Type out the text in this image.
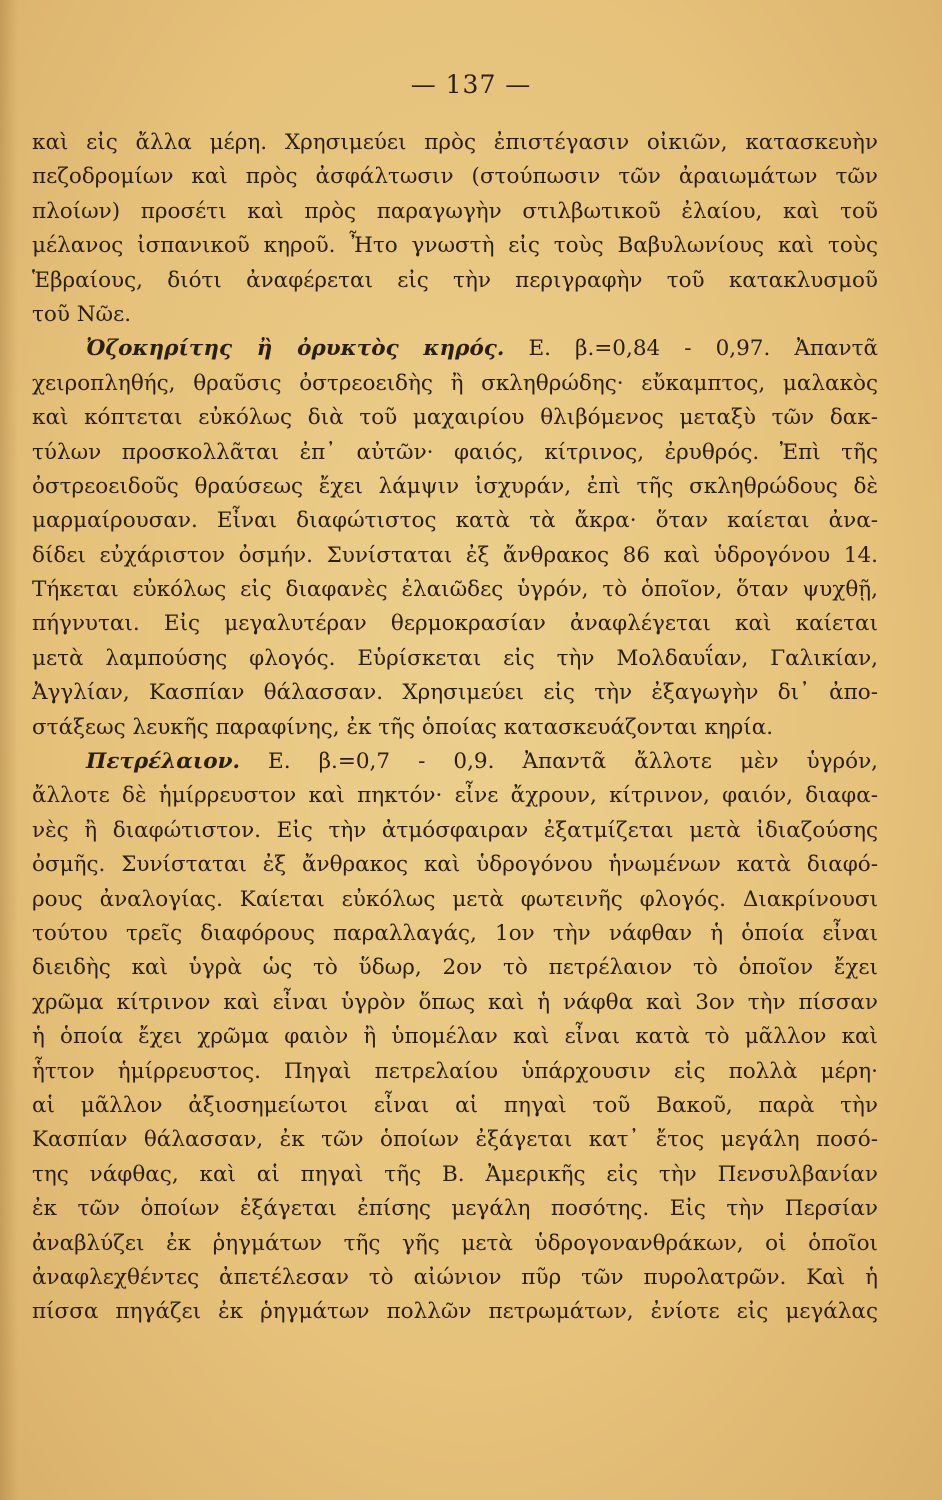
— 137 —
καὶ εἰς ἄλλα μέρη. Χρησιμεύει πρὸς ἐπιστέγασιν οἰκιῶν, κατασκευὴν
πεζοδρομίων καὶ πρὸς ἀσφάλτωσιν (στούπωσιν τῶν ἀραιωμάτων τῶν
πλοίων) προσέτι καὶ πρὸς παραγωγὴν στιλβωτικοῦ ἐλαίου, καὶ τοῦ
μέλανος ἰσπανικοῦ κηροῦ. Ἦτο γνωστὴ εἰς τοὺς Βαβυλωνίους καὶ τοὺς
Ἑβραίους, διότι ἀναφέρεται εἰς τὴν περιγραφὴν τοῦ κατακλυσμοῦ
τοῦ Νῶε.
Ὀζοκηρίτης ἢ ὀρυκτὸς κηρός. Ε. β.=0,84 - 0,97. Ἀπαντᾶ
χειροπληθής, θραῦσις ὀστρεοειδὴς ἢ σκληθρώδης· εὔκαμπτος, μαλακὸς
καὶ κόπτεται εὐκόλως διὰ τοῦ μαχαιρίου θλιβόμενος μεταξὺ τῶν δακ-
τύλων προσκολλᾶται ἐπ᾽ αὐτῶν· φαιός, κίτρινος, ἐρυθρός. Ἐπὶ τῆς
ὀστρεοειδοῦς θραύσεως ἔχει λάμψιν ἰσχυράν, ἐπὶ τῆς σκληθρώδους δὲ
μαρμαίρουσαν. Εἶναι διαφώτιστος κατὰ τὰ ἄκρα· ὅταν καίεται ἀνα-
δίδει εὐχάριστον ὀσμήν. Συνίσταται ἐξ ἄνθρακος 86 καὶ ὑδρογόνου 14.
Τήκεται εὐκόλως εἰς διαφανὲς ἐλαιῶδες ὑγρόν, τὸ ὁποῖον, ὅταν ψυχθῇ,
πήγνυται. Εἰς μεγαλυτέραν θερμοκρασίαν ἀναφλέγεται καὶ καίεται
μετὰ λαμπούσης φλογός. Εὑρίσκεται εἰς τὴν Μολδαυΐαν, Γαλικίαν,
Ἀγγλίαν, Κασπίαν θάλασσαν. Χρησιμεύει εἰς τὴν ἐξαγωγὴν δι᾽ ἀπο-
στάξεως λευκῆς παραφίνης, ἐκ τῆς ὁποίας κατασκευάζονται κηρία.
Πετρέλαιον. Ε. β.=0,7 - 0,9. Ἀπαντᾶ ἄλλοτε μὲν ὑγρόν,
ἄλλοτε δὲ ἡμίρρευστον καὶ πηκτόν· εἶνε ἄχρουν, κίτρινον, φαιόν, διαφα-
νὲς ἢ διαφώτιστον. Εἰς τὴν ἀτμόσφαιραν ἐξατμίζεται μετὰ ἰδιαζούσης
ὀσμῆς. Συνίσταται ἐξ ἄνθρακος καὶ ὑδρογόνου ἡνωμένων κατὰ διαφό-
ρους ἀναλογίας. Καίεται εὐκόλως μετὰ φωτεινῆς φλογός. Διακρίνουσι
τούτου τρεῖς διαφόρους παραλλαγάς, 1ον τὴν νάφθαν ἡ ὁποία εἶναι
διειδὴς καὶ ὑγρὰ ὡς τὸ ὕδωρ, 2ον τὸ πετρέλαιον τὸ ὁποῖον ἔχει
χρῶμα κίτρινον καὶ εἶναι ὑγρὸν ὅπως καὶ ἡ νάφθα καὶ 3ον τὴν πίσσαν
ἡ ὁποία ἔχει χρῶμα φαιὸν ἢ ὑπομέλαν καὶ εἶναι κατὰ τὸ μᾶλλον καὶ
ἧττον ἡμίρρευστος. Πηγαὶ πετρελαίου ὑπάρχουσιν εἰς πολλὰ μέρη·
αἱ μᾶλλον ἀξιοσημείωτοι εἶναι αἱ πηγαὶ τοῦ Βακοῦ, παρὰ τὴν
Κασπίαν θάλασσαν, ἐκ τῶν ὁποίων ἐξάγεται κατ᾽ ἔτος μεγάλη ποσό-
της νάφθας, καὶ αἱ πηγαὶ τῆς Β. Ἀμερικῆς εἰς τὴν Πενσυλβανίαν
ἐκ τῶν ὁποίων ἐξάγεται ἐπίσης μεγάλη ποσότης. Εἰς τὴν Περσίαν
ἀναβλύζει ἐκ ῥηγμάτων τῆς γῆς μετὰ ὑδρογονανθράκων, οἱ ὁποῖοι
ἀναφλεχθέντες ἀπετέλεσαν τὸ αἰώνιον πῦρ τῶν πυρολατρῶν. Καὶ ἡ
πίσσα πηγάζει ἐκ ῥηγμάτων πολλῶν πετρωμάτων, ἐνίοτε εἰς μεγάλας
